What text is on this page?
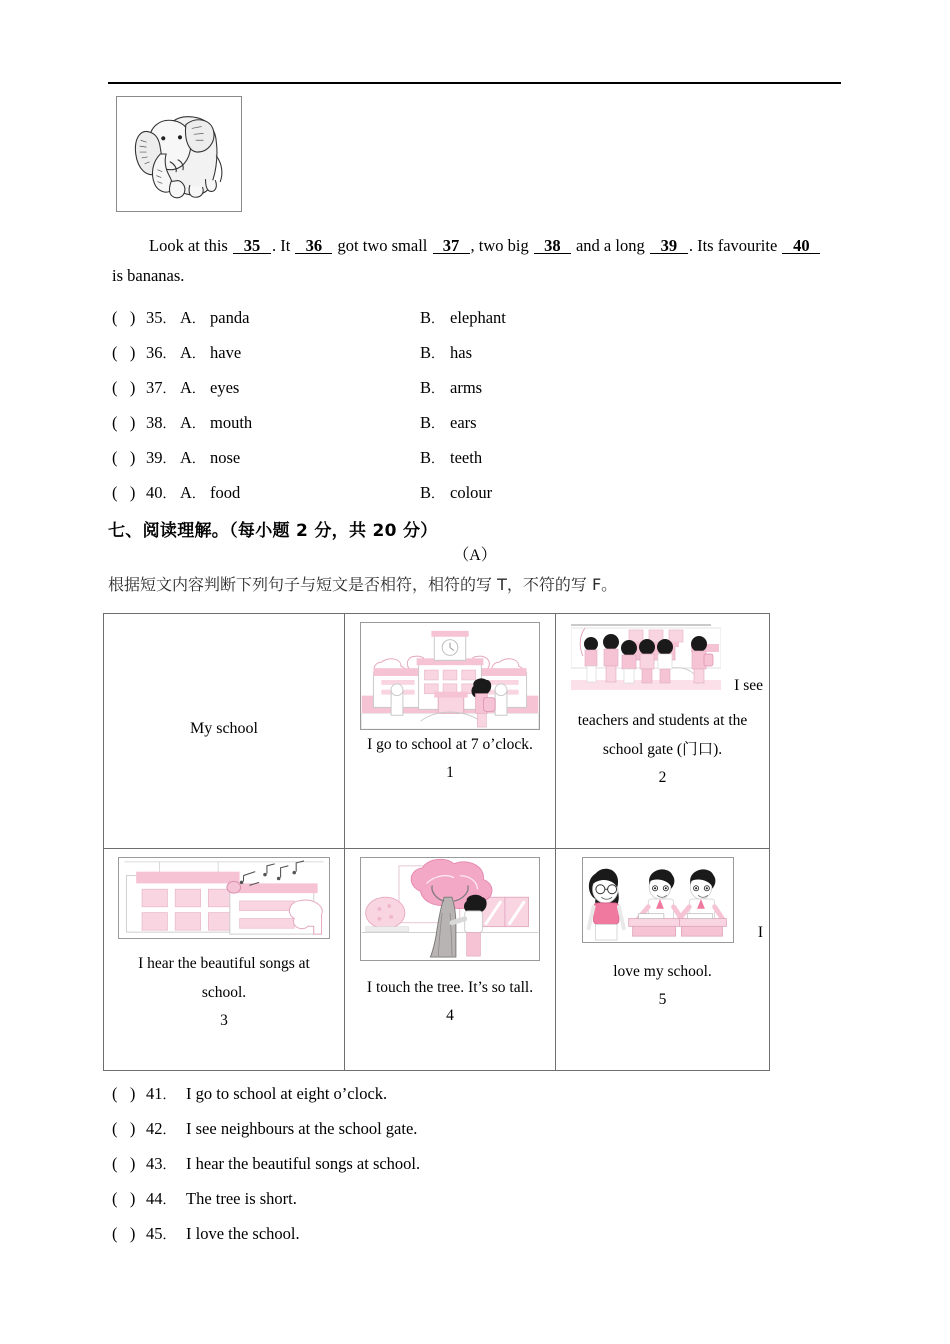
Look at this 35 . It 36 got two small 37 , two big 38 and a long 39 . Its favourite 40
is bananas.
(   ) 35． A． panda	B． elephant
(   ) 36． A． have	B． has
(   ) 37． A． eyes	B． arms
(   ) 38． A． mouth	B． ears
(   ) 39． A． nose	B． teeth
(   ) 40． A． food	B． colour
七、阅读理解。（每小题 2 分，共 20 分）
（A）
根据短文内容判断下列句子与短文是否相符，相符的写 T，不符的写 F。
My school

I go to school at 7 o’clock.
1

I see
teachers and students at the
school gate (门口).
2

I hear the beautiful songs at
school.
3

I touch the tree. It’s so tall.
4

I
love my school.
5
(   ) 41． I go to school at eight o’clock.
(   ) 42． I see neighbours at the school gate.
(   ) 43． I hear the beautiful songs at school.
(   ) 44． The tree is short.
(   ) 45． I love the school.
